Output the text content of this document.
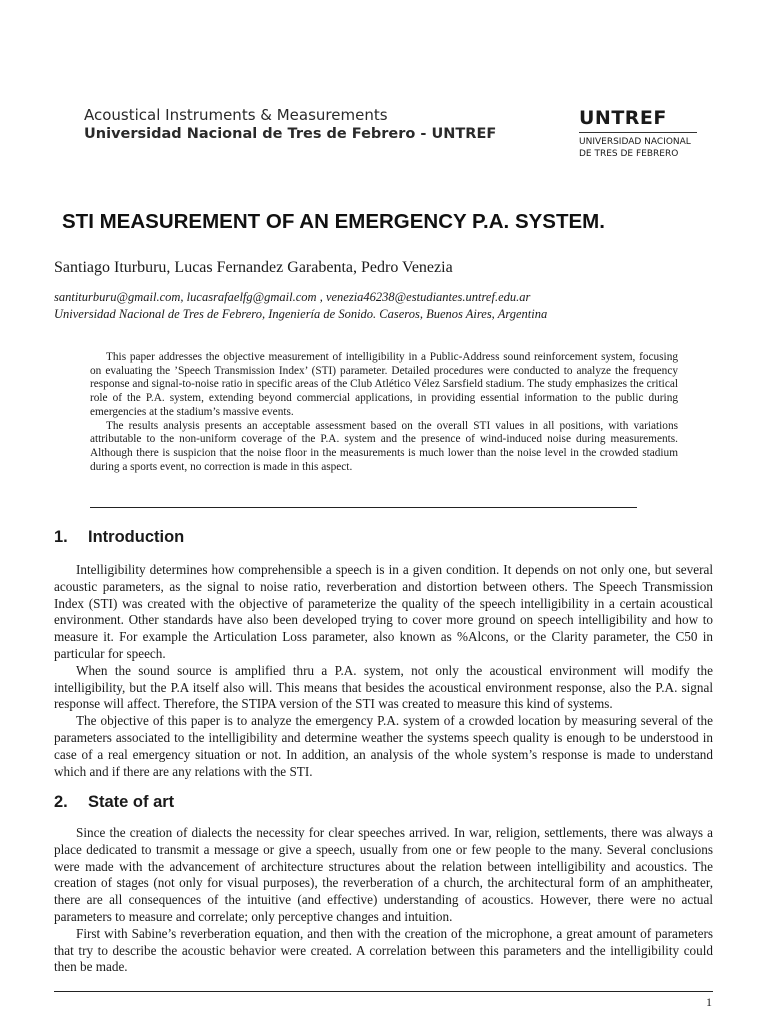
Acoustical Instruments & Measurements
Universidad Nacional de Tres de Febrero - UNTREF
UNTREF
UNIVERSIDAD NACIONAL
DE TRES DE FEBRERO
STI MEASUREMENT OF AN EMERGENCY P.A. SYSTEM.
Santiago Iturburu, Lucas Fernandez Garabenta, Pedro Venezia
santiturburu@gmail.com, lucasrafaelfg@gmail.com , venezia46238@estudiantes.untref.edu.ar
Universidad Nacional de Tres de Febrero, Ingeniería de Sonido. Caseros, Buenos Aires, Argentina

This paper addresses the objective measurement of intelligibility in a Public-Address sound reinforcement system, focusing on evaluating the ’Speech Transmission Index’ (STI) parameter. Detailed procedures were conducted to analyze the frequency response and signal-to-noise ratio in specific areas of the Club Atlético Vélez Sarsfield stadium. The study emphasizes the critical role of the P.A. system, extending beyond commercial applications, in providing essential information to the public during emergencies at the stadium’s massive events.

The results analysis presents an acceptable assessment based on the overall STI values in all positions, with variations attributable to the non-uniform coverage of the P.A. system and the presence of wind-induced noise during measurements. Although there is suspicion that the noise floor in the measurements is much lower than the noise level in the crowded stadium during a sports event, no correction is made in this aspect.

1. Introduction

Intelligibility determines how comprehensible a speech is in a given condition. It depends on not only one, but several acoustic parameters, as the signal to noise ratio, reverberation and distortion between others. The Speech Transmission Index (STI) was created with the objective of parameterize the quality of the speech intelligibility in a certain acoustical environment. Other standards have also been developed trying to cover more ground on speech intelligibility and how to measure it. For example the Articulation Loss parameter, also known as %Alcons, or the Clarity parameter, the C50 in particular for speech.

When the sound source is amplified thru a P.A. system, not only the acoustical environment will modify the intelligibility, but the P.A itself also will. This means that besides the acoustical environment response, also the P.A. signal response will affect. Therefore, the STIPA version of the STI was created to measure this kind of systems.

The objective of this paper is to analyze the emergency P.A. system of a crowded location by measuring several of the parameters associated to the intelligibility and determine weather the systems speech quality is enough to be understood in case of a real emergency situation or not. In addition, an analysis of the whole system’s response is made to understand which and if there are any relations with the STI.

2. State of art

Since the creation of dialects the necessity for clear speeches arrived. In war, religion, settlements, there was always a place dedicated to transmit a message or give a speech, usually from one or few people to the many. Several conclusions were made with the advancement of architecture structures about the relation between intelligibility and acoustics. The creation of stages (not only for visual purposes), the reverberation of a church, the architectural form of an amphitheater, there are all consequences of the intuitive (and effective) understanding of acoustics. However, there were no actual parameters to measure and correlate; only perceptive changes and intuition.

First with Sabine’s reverberation equation, and then with the creation of the microphone, a great amount of parameters that try to describe the acoustic behavior were created. A correlation between this parameters and the intelligibility could then be made.

1
